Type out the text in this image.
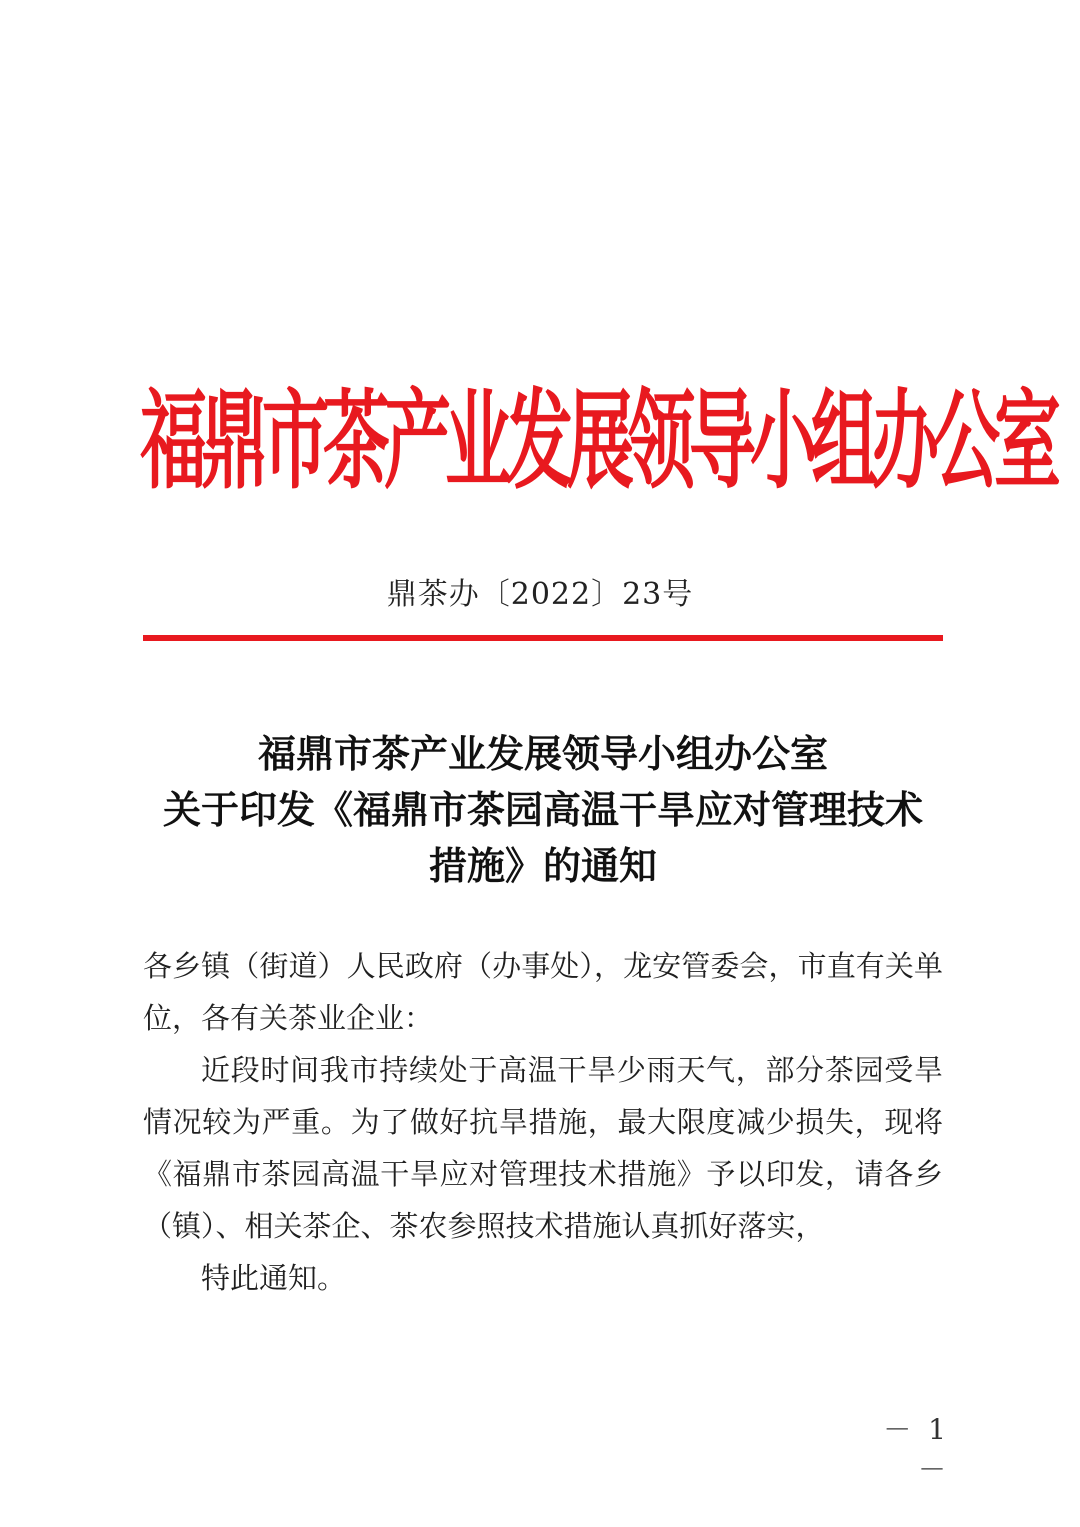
福鼎市茶产业发展领导小组办公室
鼎茶办〔2022〕23号
福鼎市茶产业发展领导小组办公室
关于印发《福鼎市茶园高温干旱应对管理技术
措施》的通知

各乡镇（街道）人民政府（办事处），龙安管委会，市直有关单位，各有关茶业企业：

近段时间我市持续处于高温干旱少雨天气，部分茶园受旱情况较为严重。为了做好抗旱措施，最大限度减少损失，现将《福鼎市茶园高温干旱应对管理技术措施》予以印发，请各乡（镇）、相关茶企、茶农参照技术措施认真抓好落实，

特此通知。

－ 1 －
